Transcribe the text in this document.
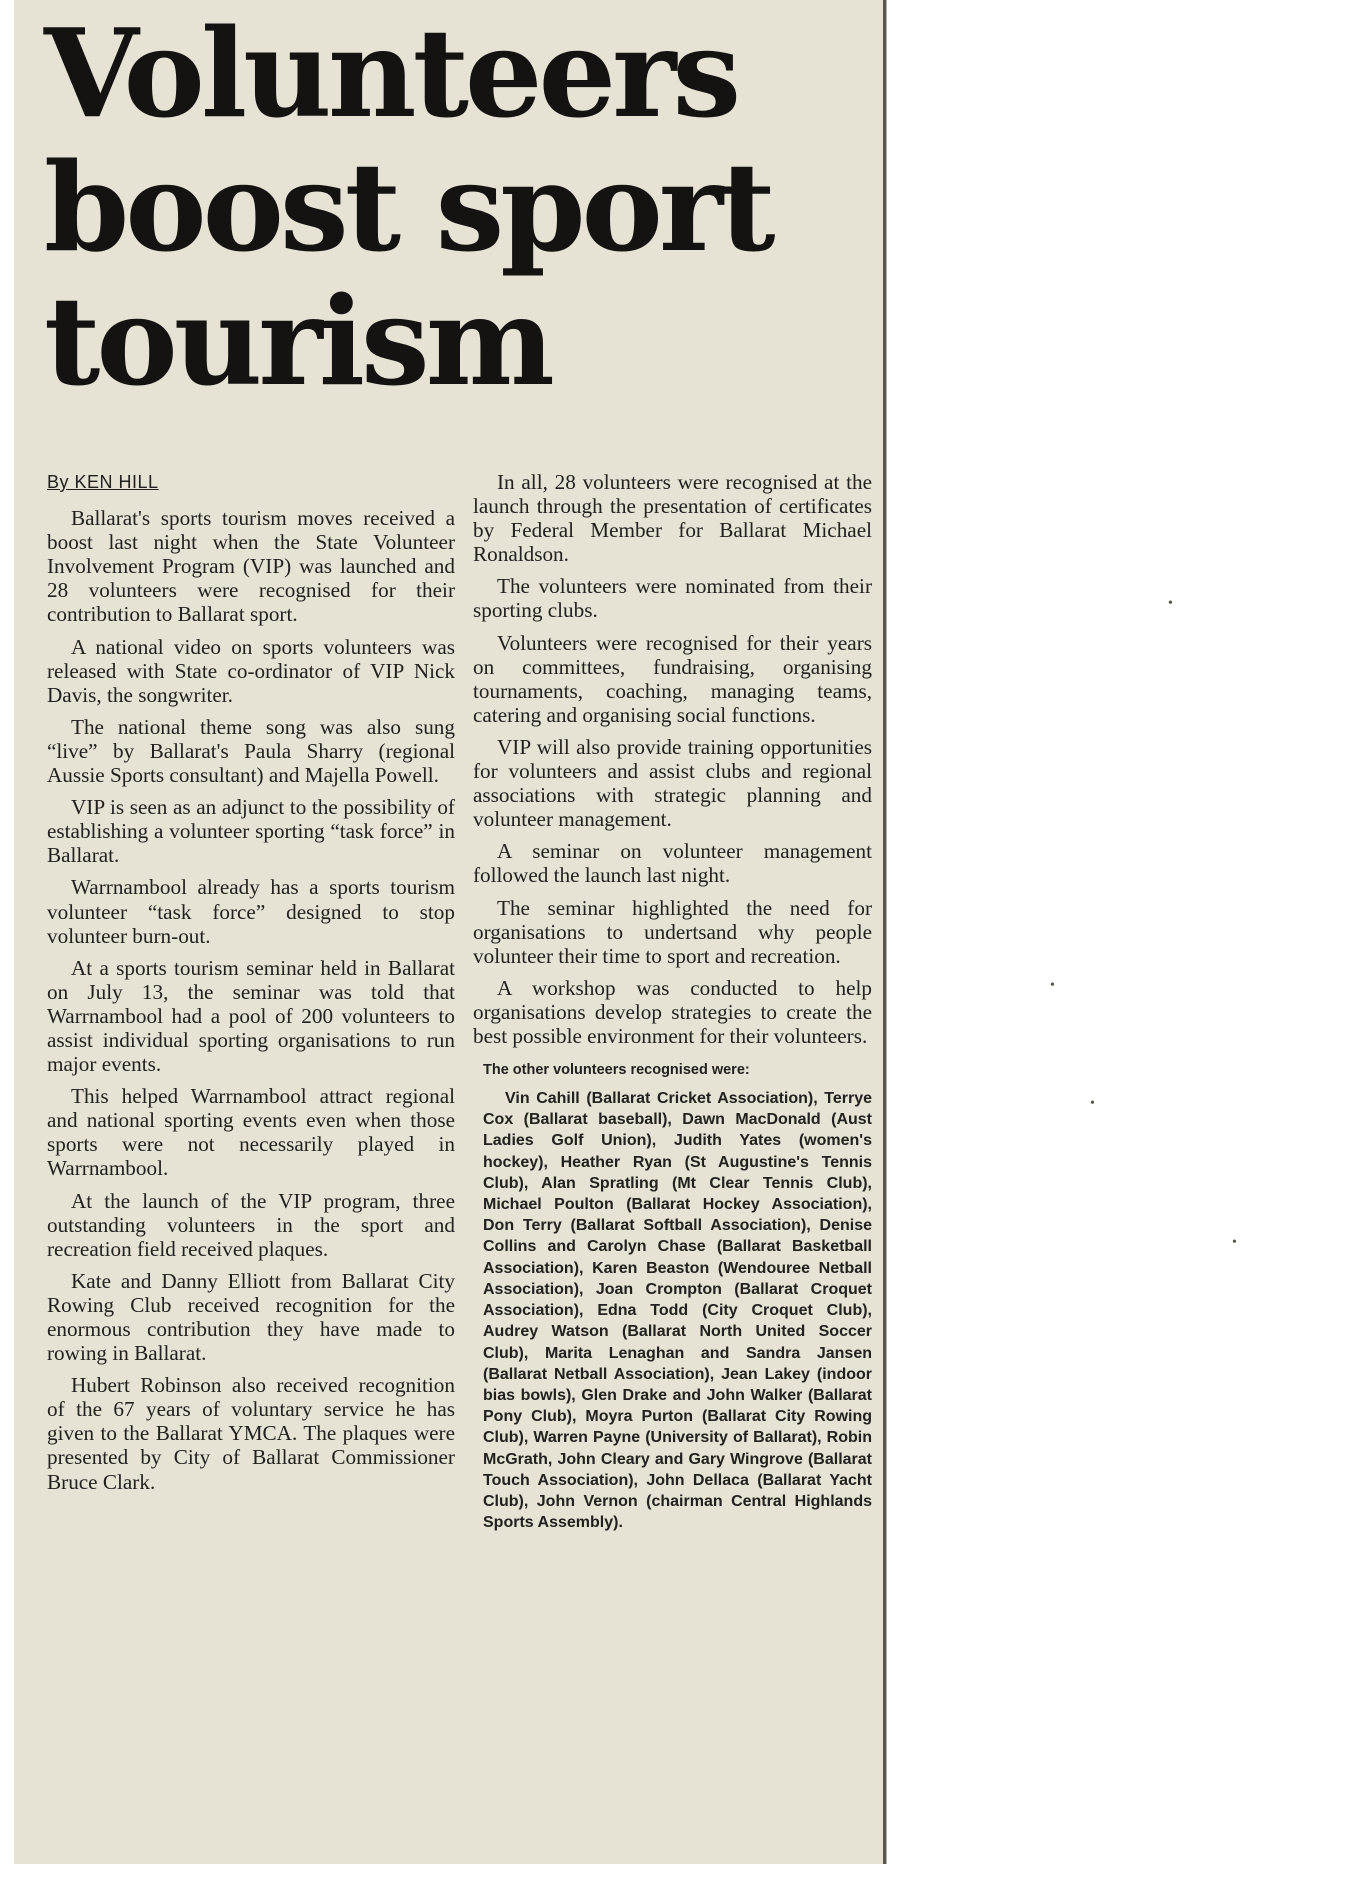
Volunteers
boost sport
tourism
By KEN HILL

Ballarat's sports tourism moves received a boost last night when the State Volunteer Involvement Program (VIP) was launched and 28 volunteers were recognised for their contribution to Ballarat sport.

A national video on sports volunteers was released with State co-ordinator of VIP Nick Davis, the songwriter.

The national theme song was also sung “live” by Ballarat's Paula Sharry (regional Aussie Sports consultant) and Majella Powell.

VIP is seen as an adjunct to the possibility of establishing a volunteer sporting “task force” in Ballarat.

Warrnambool already has a sports tourism volunteer “task force” designed to stop volunteer burn-out.

At a sports tourism seminar held in Ballarat on July 13, the seminar was told that Warrnambool had a pool of 200 volunteers to assist individual sporting organisations to run major events.

This helped Warrnambool attract regional and national sporting events even when those sports were not necessarily played in Warrnambool.

At the launch of the VIP program, three outstanding volunteers in the sport and recreation field received plaques.

Kate and Danny Elliott from Ballarat City Rowing Club received recognition for the enormous contribution they have made to rowing in Ballarat.

Hubert Robinson also received recognition of the 67 years of voluntary service he has given to the Ballarat YMCA. The plaques were presented by City of Ballarat Commissioner Bruce Clark.

In all, 28 volunteers were recognised at the launch through the presentation of certificates by Federal Member for Ballarat Michael Ronaldson.

The volunteers were nominated from their sporting clubs.

Volunteers were recognised for their years on committees, fundraising, organising tournaments, coaching, managing teams, catering and organising social functions.

VIP will also provide training opportunities for volunteers and assist clubs and regional associations with strategic planning and volunteer management.

A seminar on volunteer management followed the launch last night.

The seminar highlighted the need for organisations to undertsand why people volunteer their time to sport and recreation.

A workshop was conducted to help organisations develop strategies to create the best possible environment for their volunteers.

The other volunteers recognised were:
Vin Cahill (Ballarat Cricket Association), Terrye Cox (Ballarat baseball), Dawn MacDonald (Aust Ladies Golf Union), Judith Yates (women's hockey), Heather Ryan (St Augustine's Tennis Club), Alan Spratling (Mt Clear Tennis Club), Michael Poulton (Ballarat Hockey Association), Don Terry (Ballarat Softball Association), Denise Collins and Carolyn Chase (Ballarat Basketball Association), Karen Beaston (Wendouree Netball Association), Joan Crompton (Ballarat Croquet Association), Edna Todd (City Croquet Club), Audrey Watson (Ballarat North United Soccer Club), Marita Lenaghan and Sandra Jansen (Ballarat Netball Association), Jean Lakey (indoor bias bowls), Glen Drake and John Walker (Ballarat Pony Club), Moyra Purton (Ballarat City Rowing Club), Warren Payne (University of Ballarat), Robin McGrath, John Cleary and Gary Wingrove (Ballarat Touch Association), John Dellaca (Ballarat Yacht Club), John Vernon (chairman Central Highlands Sports Assembly).
•
•
•
•
